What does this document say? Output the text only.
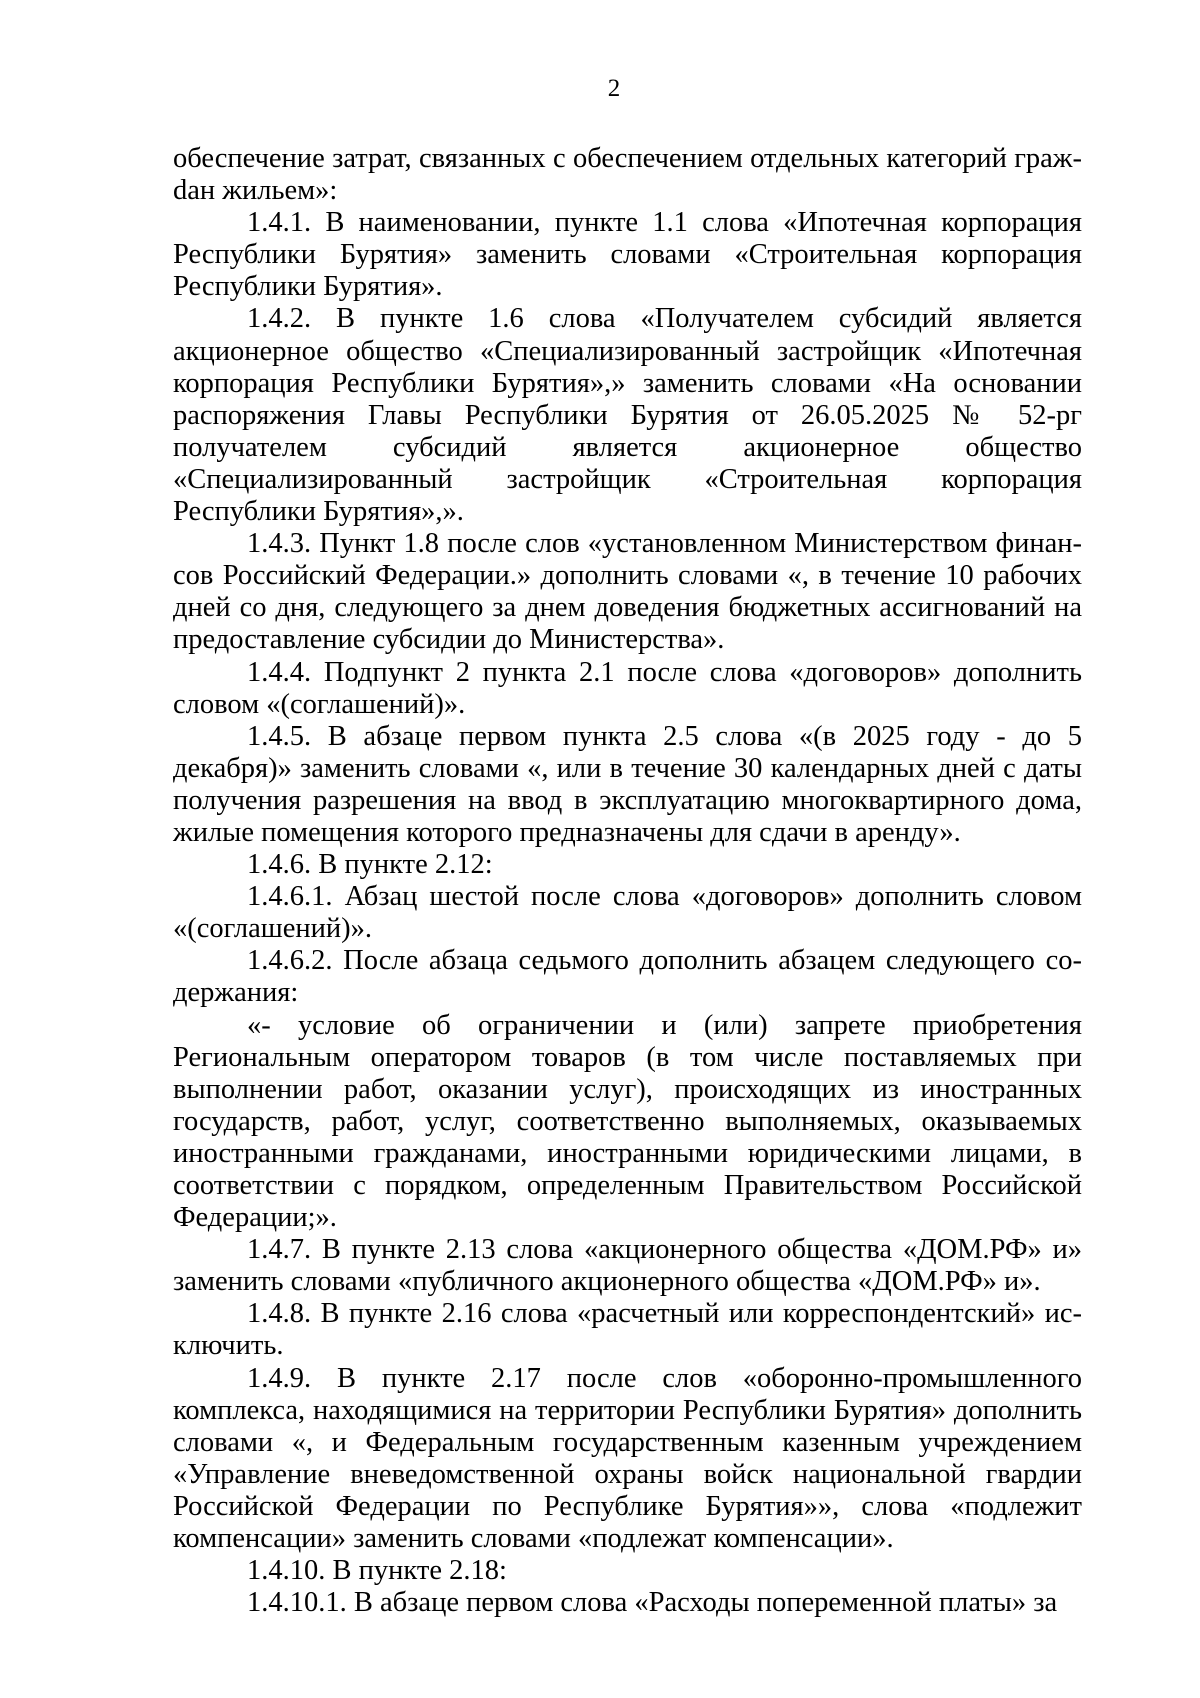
2

обеспечение затрат, связанных с обеспечением отдельных категорий гражdан жильем»:

1.4.1. В наименовании, пункте 1.1 слова «Ипотечная корпорация Республики Бурятия» заменить словами «Строительная корпорация Республики Бурятия».

1.4.2. В пункте 1.6 слова «Получателем субсидий является акционерное общество «Специализированный застройщик «Ипотечная корпорация Республики Бурятия»,» заменить словами «На основании распоряжения Главы Республики Бурятия от 26.05.2025 № 52-рг получателем субсидий является акционерное общество «Специализированный застройщик «Строительная корпорация Республики Бурятия»,».

1.4.3. Пункт 1.8 после слов «установленном Министерством финансов Российский Федерации.» дополнить словами «, в течение 10 рабочих дней со дня, следующего за днем доведения бюджетных ассигнований на предоставление субсидии до Министерства».

1.4.4. Подпункт 2 пункта 2.1 после слова «договоров» дополнить словом «(соглашений)».

1.4.5. В абзаце первом пункта 2.5 слова «(в 2025 году - до 5 декабря)» заменить словами «, или в течение 30 календарных дней с даты получения разрешения на ввод в эксплуатацию многоквартирного дома, жилые помещения которого предназначены для сдачи в аренду».

1.4.6. В пункте 2.12:

1.4.6.1. Абзац шестой после слова «договоров» дополнить словом «(соглашений)».

1.4.6.2. После абзаца седьмого дополнить абзацем следующего содержания:

«- условие об ограничении и (или) запрете приобретения Региональным оператором товаров (в том числе поставляемых при выполнении работ, оказании услуг), происходящих из иностранных государств, работ, услуг, соответственно выполняемых, оказываемых иностранными гражданами, иностранными юридическими лицами, в соответствии с порядком, определенным Правительством Российской Федерации;».

1.4.7. В пункте 2.13 слова «акционерного общества «ДОМ.РФ» и» заменить словами «публичного акционерного общества «ДОМ.РФ» и».

1.4.8. В пункте 2.16 слова «расчетный или корреспондентский» исключить.

1.4.9. В пункте 2.17 после слов «оборонно-промышленного комплекса, находящимися на территории Республики Бурятия» дополнить словами «, и Федеральным государственным казенным учреждением «Управление вневедомственной охраны войск национальной гвардии Российской Федерации по Республике Бурятия»», слова «подлежит компенсации» заменить словами «подлежат компенсации».

1.4.10. В пункте 2.18:

1.4.10.1. В абзаце первом слова «Расходы попеременной платы» за
